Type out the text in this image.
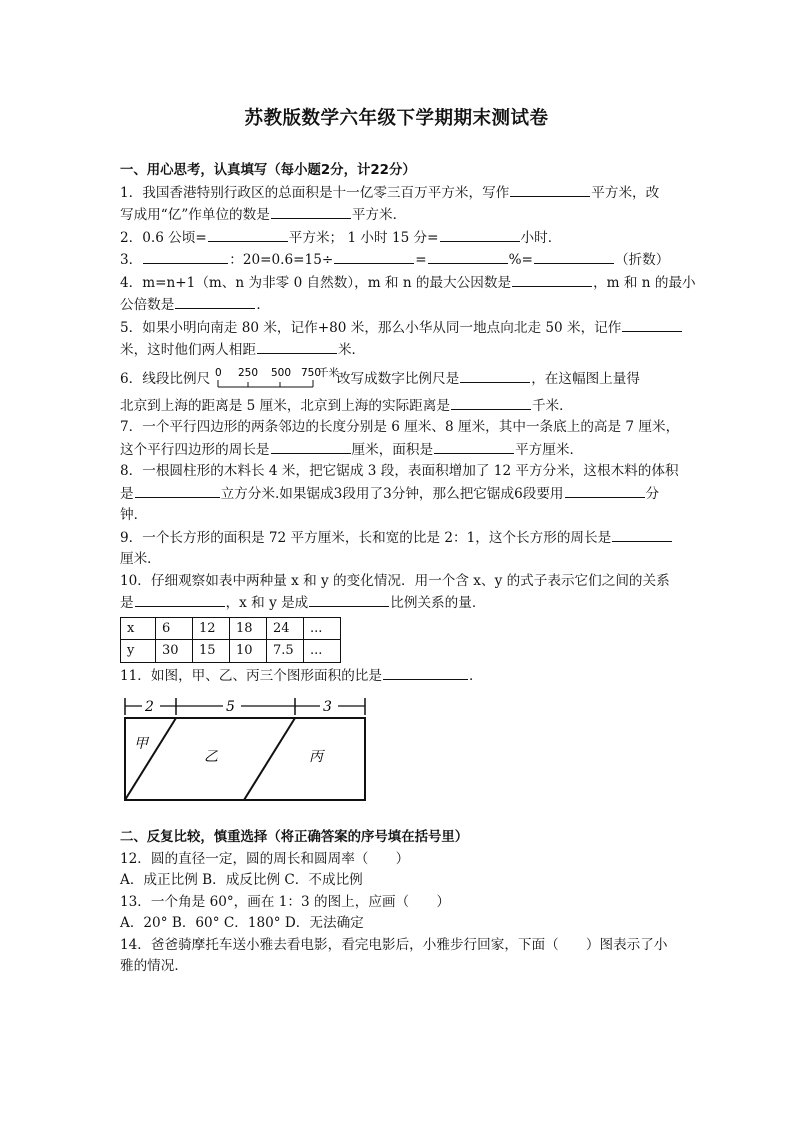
苏教版数学六年级下学期期末测试卷
一、用心思考，认真填写（每小题2分，计22分）
1．我国香港特别行政区的总面积是十一亿零三百万平方米，写作	平方米，改
写成用“亿”作单位的数是	平方米．
2．0.6 公顷=	平方米； 1 小时 15 分=	小时．
3．	：20=0.6=15÷	=	%=	（折数）
4．m=n+1（m、n 为非零 0 自然数），m 和 n 的最大公因数是	，m 和 n 的最小
公倍数是	．
5．如果小明向南走 80 米，记作+80 米，那么小华从同一地点向北走 50 米，记作
米，这时他们两人相距	米．
6．线段比例尺 0 250 500 750
千米
改写成数字比例尺是	，在这幅图上量得
北京到上海的距离是 5 厘米，北京到上海的实际距离是	千米．
7．一个平行四边形的两条邻边的长度分别是 6 厘米、8 厘米，其中一条底上的高是 7 厘米，
这个平行四边形的周长是	厘米，面积是	平方厘米．
8．一根圆柱形的木料长 4 米，把它锯成 3 段，表面积增加了 12 平方分米，这根木料的体积
是	立方分米.如果锯成3段用了3分钟，那么把它锯成6段要用	分
钟．
9．一个长方形的面积是 72 平方厘米，长和宽的比是 2：1，这个长方形的周长是
厘米．
10．仔细观察如表中两种量 x 和 y 的变化情况．用一个含 x、y 的式子表示它们之间的关系
是	，x 和 y 是成	比例关系的量．
x	6	12	18	24	...
y	30	15	10	7.5	...
11．如图，甲、乙、丙三个图形面积的比是	．
2	5	3
甲
乙	丙
二、反复比较，慎重选择（将正确答案的序号填在括号里）
12．圆的直径一定，圆的周长和圆周率（　　）
A．成正比例 B．成反比例 C．不成比例
13．一个角是 60°，画在 1：3 的图上，应画（　　）
A．20° B．60° C．180° D．无法确定
14．爸爸骑摩托车送小雅去看电影，看完电影后，小雅步行回家，下面（　　）图表示了小
雅的情况．
